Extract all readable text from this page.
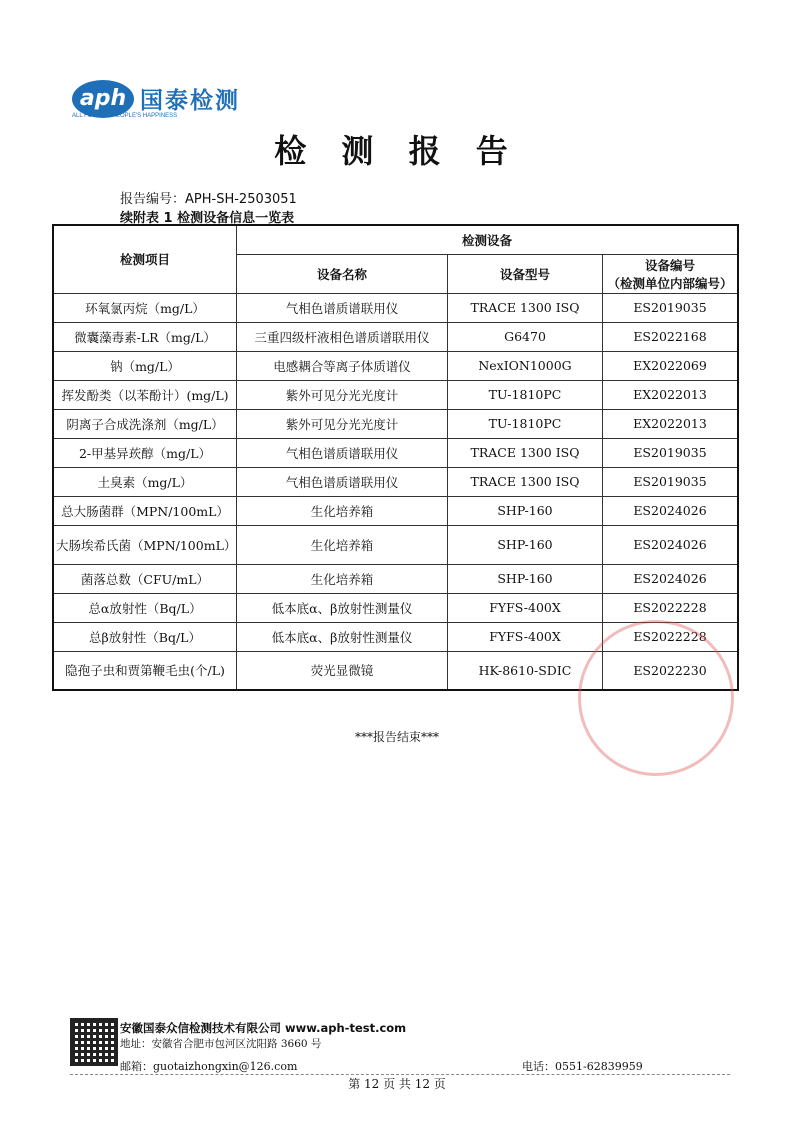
aph 国泰检测
ALL FOR THE PEOPLE'S HAPPINESS
检 测 报 告
报告编号：APH-SH-2503051
续附表 1 检测设备信息一览表
检测项目	检测设备		
	设备名称	设备型号	设备编号
（检测单位内部编号）

环氧氯丙烷（mg/L）	气相色谱质谱联用仪	TRACE 1300 ISQ	ES2019035
微囊藻毒素-LR（mg/L）	三重四级杆液相色谱质谱联用仪	G6470	ES2022168
钠（mg/L）	电感耦合等离子体质谱仪	NexION1000G	EX2022069
挥发酚类（以苯酚计）(mg/L)	紫外可见分光光度计	TU-1810PC	EX2022013
阴离子合成洗涤剂（mg/L）	紫外可见分光光度计	TU-1810PC	EX2022013
2-甲基异莰醇（mg/L）	气相色谱质谱联用仪	TRACE 1300 ISQ	ES2019035
土臭素（mg/L）	气相色谱质谱联用仪	TRACE 1300 ISQ	ES2019035
总大肠菌群（MPN/100mL）	生化培养箱	SHP-160	ES2024026
大肠埃希氏菌（MPN/100mL）	生化培养箱	SHP-160	ES2024026
菌落总数（CFU/mL）	生化培养箱	SHP-160	ES2024026
总α放射性（Bq/L）	低本底α、β放射性测量仪	FYFS-400X	ES2022228
总β放射性（Bq/L）	低本底α、β放射性测量仪	FYFS-400X	ES2022228
隐孢子虫和贾第鞭毛虫(个/L)	荧光显微镜	HK-8610-SDIC	ES2022230
***报告结束***
安徽国泰众信检测技术有限公司 www.aph-test.com
地址：安徽省合肥市包河区沈阳路 3660 号
邮箱：guotaizhongxin@126.com	电话：0551-62839959
第 12 页 共 12 页
